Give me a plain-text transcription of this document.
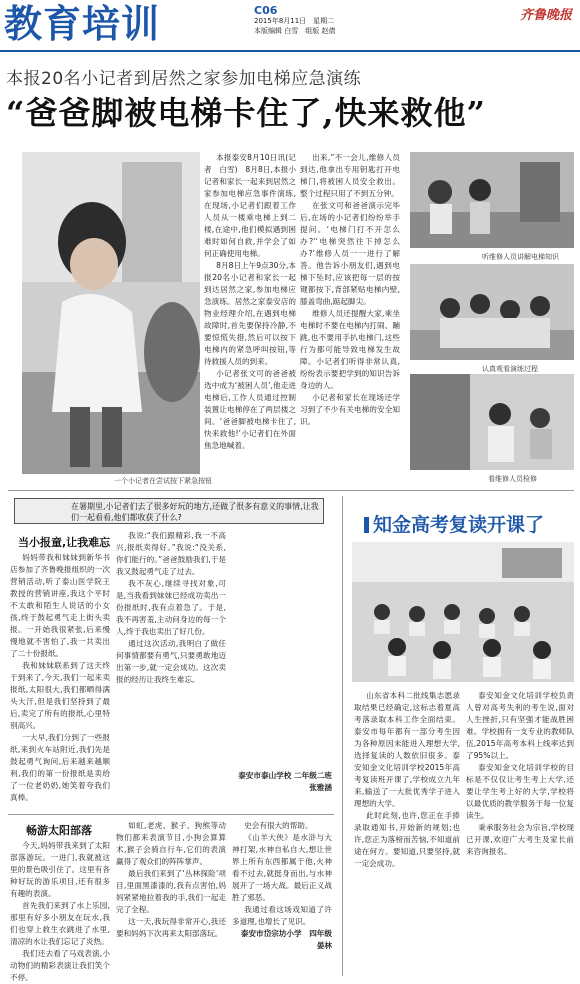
教育培训	C06
2015年8月11日　星期二
本版编辑 白雪　组版 赵倩
齐鲁晚报
本报20名小记者到居然之家参加电梯应急演练
“爸爸脚被电梯卡住了,快来救他”
一个小记者在尝试按下紧急按钮

本报泰安8月10日讯(记者　白雪)　8月8日,本报小记者和家长一起来到居然之家参加电梯应急事件演练,在现场,小记者们跟着工作人员从一楼乘电梯上到二楼,在途中,他们模拟遇到困难时如何自救,并学会了如何正确使用电梯。

8月8日上午9点30分,本报20名小记者和家长一起到达居然之家,参加电梯应急演练。居然之家泰安店的物业经理介绍,在遇到电梯故障时,首先要保持冷静,不要惊慌失措,然后可以按下电梯内的紧急呼叫按钮,等待救援人员的到来。

小记者张文可的爸爸被选中成为‘被困人员’,他走进电梯后,工作人员通过控制装置让电梯停在了两层楼之间。‘爸爸脚被电梯卡住了,快来救他!’小记者们在外面焦急地喊着。

出来,”不一会儿,维修人员到达,他拿出专用钥匙打开电梯门,将被困人员安全救出。整个过程只用了不到五分钟。

在张文可和爸爸演示完毕后,在场的小记者们纷纷举手提问。‘电梯门打不开怎么办?’‘电梯突然往下掉怎么办?’维修人员一一进行了解答。他告诉小朋友们,遇到电梯下坠时,应该把每一层的按键都按下,背部紧贴电梯内壁,膝盖弯曲,踮起脚尖。

维修人员还提醒大家,乘坐电梯时不要在电梯内打闹、蹦跳,也不要用手扒电梯门,这些行为都可能导致电梯发生故障。小记者们听得非常认真,纷纷表示要把学到的知识告诉身边的人。

小记者和家长在现场还学习到了不少有关电梯的安全知识。

听维修人员讲解电梯知识
认真观看演练过程
看维修人员检修
在暑期里,小记者们去了很多好玩的地方,还做了很多有意义的事情,让我们一起看看,他们都收获了什么?
当小报童,让我难忘

妈妈带我和妹妹到新华书店参加了齐鲁晚报组织的一次营销活动,听了泰山医学院王教授的营销讲座,我这个平时不太敢和陌生人说话的小女孩,终于鼓起勇气走上街头卖报。一开始我很紧张,后来慢慢地就不害怕了,我一共卖出了二十份报纸。

我和妹妹联系到了这天终于到来了,今天,我们一起来卖报纸,太阳很大,我们都晒得满头大汗,但是我们坚持到了最后,卖完了所有的报纸,心里特别高兴。

一大早,我们分到了一些报纸,来到火车站附近,我们先是鼓起勇气询问,后来越来越顺利,我们的第一份报纸是卖给了一位老奶奶,她笑着夸我们真棒。

我说:“我们跟精彩,我一不高兴,报纸卖得好。”我说:“没关系,你们能行的。”爸爸鼓励我们,于是我又鼓起勇气走了过去。

我不灰心,继续寻找对象,可是,当我看到妹妹已经成功卖出一份报纸时,我有点着急了。于是,我不再害羞,主动问身边的每一个人,终于我也卖出了好几份。

通过这次活动,我明白了做任何事情都要有勇气,只要勇敢地迈出第一步,就一定会成功。这次卖报的经历让我终生难忘。

泰安市泰山学校 二年级二班　张雅涵
畅游太阳部落

今天,妈妈带我来到了太阳部落游玩。一进门,我就被这里的景色吸引住了。这里有各种好玩的游乐项目,还有很多有趣的表演。

首先我们来到了水上乐园,那里有好多小朋友在玩水,我们也穿上救生衣跳进了水里,清凉的水让我们忘记了炎热。

我们还去看了马戏表演,小动物们的精彩表演让我们笑个不停。

如虹,老虎、猴子、狗熊等动物们都来表演节目,小狗会算算术,猴子会骑自行车,它们的表演赢得了观众们的阵阵掌声。

最后我们来到了‘丛林探险’项目,里面黑漆漆的,我有点害怕,妈妈紧紧地拉着我的手,我们一起走完了全程。

这一天,我玩得非常开心,我还要和妈妈下次再来太阳部落玩。

史会有很大的帮助。

《山羊大侠》是水浒与大神打架,水神自私自大,想让世界上所有东西都属于他,火神看不过去,就挺身而出,与水神展开了一场大战。最后正义战胜了邪恶。

我通过看这场戏知道了许多道理,也增长了见识。

泰安市岱宗坊小学　四年级　晏林
知金高考复读开课了

山东省本科二批线集志愿录取结果已经确定,这标志着夏高考落录取本科工作全面结束。泰安市每年都有一部分考生因为各种原因未能进入理想大学,选择复读的人数依旧很多。泰安知金文化培训学校2015年高考复读班开课了,学校成立九年来,输送了一大批优秀学子进入理想的大学。

此时此刻,也许,您正在手捧录取通知书,开始新的规划;也许,您正为落榜而苦恼,不知道前途在何方。要知道,只要坚持,就一定会成功。

泰安知金文化培训学校负责人曾对高考失利的考生说,面对人生挫折,只有坚强才能战胜困难。学校拥有一支专业的教师队伍,2015年高考本科上线率达到了95%以上。

泰安知金文化培训学校的目标是不仅仅让考生考上大学,还要让学生考上好的大学,学校将以最优质的教学服务于每一位复读生。

秉承服务社会为宗旨,学校现已开课,欢迎广大考生及家长前来咨询报名。
